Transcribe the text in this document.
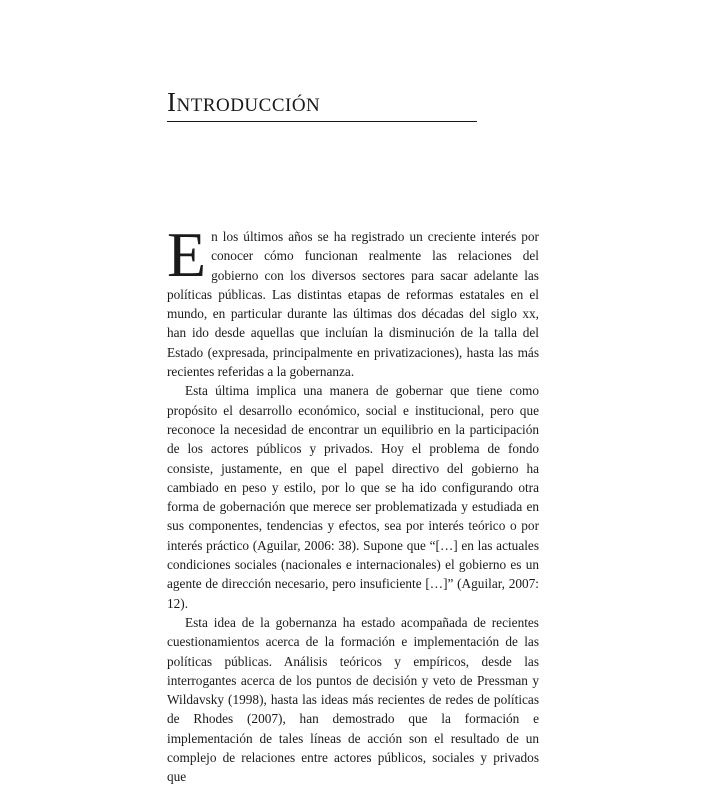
Introducción

En los últimos años se ha registrado un creciente interés por conocer cómo funcionan realmente las relaciones del gobierno con los diversos sectores para sacar adelante las políticas públicas. Las distintas etapas de reformas estatales en el mundo, en particular durante las últimas dos décadas del siglo xx, han ido desde aquellas que incluían la disminución de la talla del Estado (expresada, principalmente en privatizaciones), hasta las más recientes referidas a la gobernanza.

Esta última implica una manera de gobernar que tiene como propósito el desarrollo económico, social e institucional, pero que reconoce la necesidad de encontrar un equilibrio en la participación de los actores públicos y privados. Hoy el problema de fondo consiste, justamente, en que el papel directivo del gobierno ha cambiado en peso y estilo, por lo que se ha ido configurando otra forma de gobernación que merece ser problematizada y estudiada en sus componentes, tendencias y efectos, sea por interés teórico o por interés práctico (Aguilar, 2006: 38). Supone que “[…] en las actuales condiciones sociales (nacionales e internacionales) el gobierno es un agente de dirección necesario, pero insuficiente […]” (Aguilar, 2007: 12).

Esta idea de la gobernanza ha estado acompañada de recientes cuestionamientos acerca de la formación e implementación de las políticas públicas. Análisis teóricos y empíricos, desde las interrogantes acerca de los puntos de decisión y veto de Pressman y Wildavsky (1998), hasta las ideas más recientes de redes de políticas de Rhodes (2007), han demostrado que la formación e implementación de tales líneas de acción son el resultado de un complejo de relaciones entre actores públicos, sociales y privados que
